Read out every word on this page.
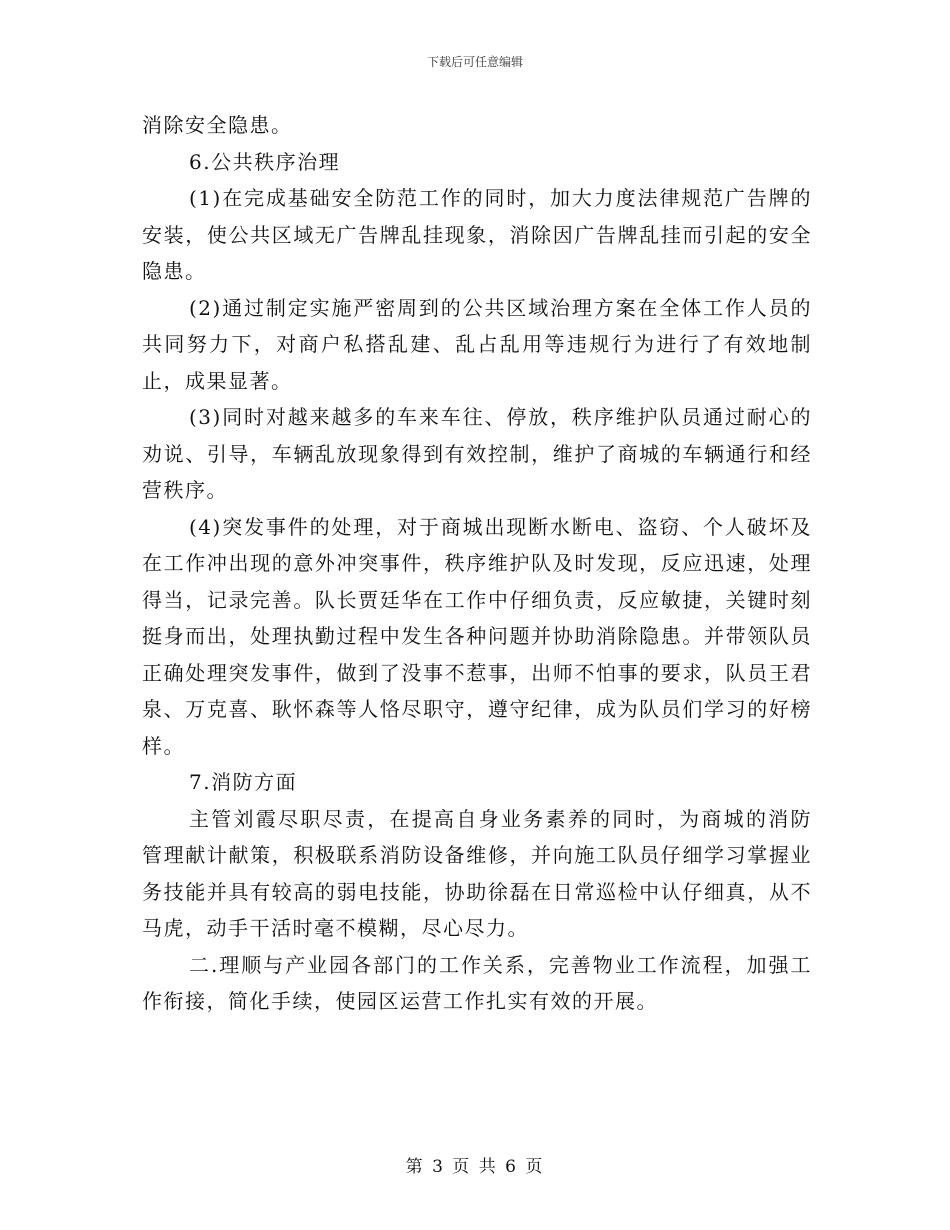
下载后可任意编辑

消除安全隐患。

6.公共秩序治理

(1)在完成基础安全防范工作的同时，加大力度法律规范广告牌的安装，使公共区域无广告牌乱挂现象，消除因广告牌乱挂而引起的安全隐患。

(2)通过制定实施严密周到的公共区域治理方案在全体工作人员的共同努力下，对商户私搭乱建、乱占乱用等违规行为进行了有效地制止，成果显著。

(3)同时对越来越多的车来车往、停放，秩序维护队员通过耐心的劝说、引导，车辆乱放现象得到有效控制，维护了商城的车辆通行和经营秩序。

(4)突发事件的处理，对于商城出现断水断电、盗窃、个人破坏及在工作冲出现的意外冲突事件，秩序维护队及时发现，反应迅速，处理得当，记录完善。队长贾廷华在工作中仔细负责，反应敏捷，关键时刻挺身而出，处理执勤过程中发生各种问题并协助消除隐患。并带领队员正确处理突发事件，做到了没事不惹事，出师不怕事的要求，队员王君泉、万克喜、耿怀森等人恪尽职守，遵守纪律，成为队员们学习的好榜样。

7.消防方面

主管刘霞尽职尽责，在提高自身业务素养的同时，为商城的消防管理献计献策，积极联系消防设备维修，并向施工队员仔细学习掌握业务技能并具有较高的弱电技能，协助徐磊在日常巡检中认仔细真，从不马虎，动手干活时毫不模糊，尽心尽力。

二.理顺与产业园各部门的工作关系，完善物业工作流程，加强工作衔接，简化手续，使园区运营工作扎实有效的开展。

第 3 页 共 6 页
